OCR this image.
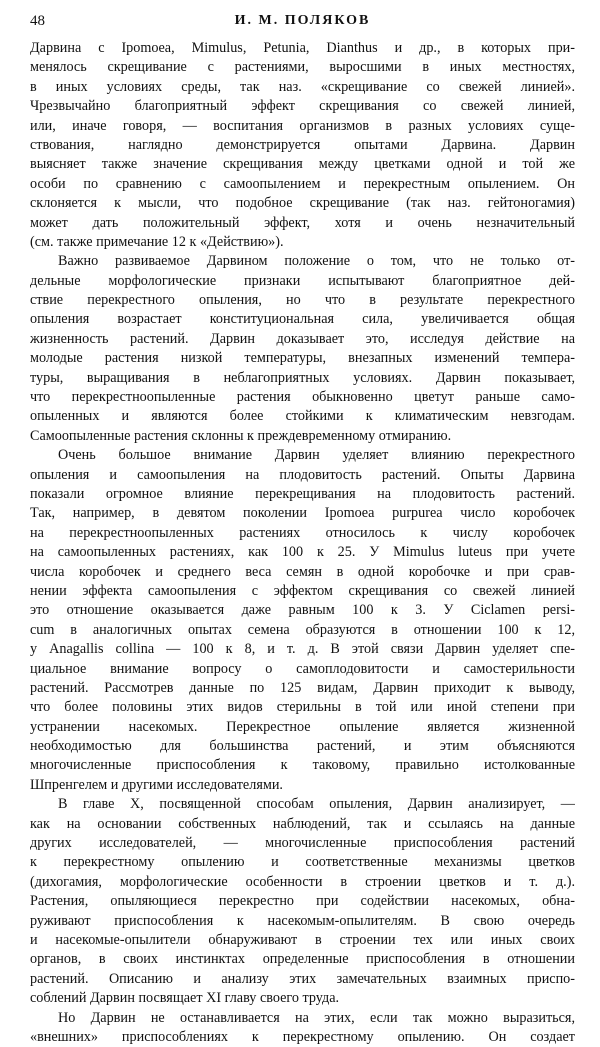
48	И. М. ПОЛЯКОВ
Дарвина с Ipomoea, Mimulus, Petunia, Dianthus и др., в которых при-
менялось скрещивание с растениями, выросшими в иных местностях,
в иных условиях среды, так наз. «скрещивание со свежей линией».
Чрезвычайно благоприятный эффект скрещивания со свежей линией,
или, иначе говоря, — воспитания организмов в разных условиях суще-
ствования, наглядно демонстрируется опытами Дарвина. Дарвин
выясняет также значение скрещивания между цветками одной и той же
особи по сравнению с самоопылением и перекрестным опылением. Он
склоняется к мысли, что подобное скрещивание (так наз. гейтоногамия)
может дать положительный эффект, хотя и очень незначительный
(см. также примечание 12 к «Действию»).
Важно развиваемое Дарвином положение о том, что не только от-
дельные морфологические признаки испытывают благоприятное дей-
ствие перекрестного опыления, но что в результате перекрестного
опыления возрастает конституциональная сила, увеличивается общая
жизненность растений. Дарвин доказывает это, исследуя действие на
молодые растения низкой температуры, внезапных изменений темпера-
туры, выращивания в неблагоприятных условиях. Дарвин показывает,
что перекрестноопыленные растения обыкновенно цветут раньше само-
опыленных и являются более стойкими к климатическим невзгодам.
Самоопыленные растения склонны к преждевременному отмиранию.
Очень большое внимание Дарвин уделяет влиянию перекрестного
опыления и самоопыления на плодовитость растений. Опыты Дарвина
показали огромное влияние перекрещивания на плодовитость растений.
Так, например, в девятом поколении Ipomoea purpurea число коробочек
на перекрестноопыленных растениях относилось к числу коробочек
на самоопыленных растениях, как 100 к 25. У Mimulus luteus при учете
числа коробочек и среднего веса семян в одной коробочке и при срав-
нении эффекта самоопыления с эффектом скрещивания со свежей линией
это отношение оказывается даже равным 100 к 3. У Ciclamen persi-
cum в аналогичных опытах семена образуются в отношении 100 к 12,
у Anagallis collina — 100 к 8, и т. д. В этой связи Дарвин уделяет спе-
циальное внимание вопросу о самоплодовитости и самостерильности
растений. Рассмотрев данные по 125 видам, Дарвин приходит к выводу,
что более половины этих видов стерильны в той или иной степени при
устранении насекомых. Перекрестное опыление является жизненной
необходимостью для большинства растений, и этим объясняются
многочисленные приспособления к таковому, правильно истолкованные
Шпренгелем и другими исследователями.
В главе X, посвященной способам опыления, Дарвин анализирует, —
как на основании собственных наблюдений, так и ссылаясь на данные
других исследователей, — многочисленные приспособления растений
к перекрестному опылению и соответственные механизмы цветков
(дихогамия, морфологические особенности в строении цветков и т. д.).
Растения, опыляющиеся перекрестно при содействии насекомых, обна-
руживают приспособления к насекомым-опылителям. В свою очередь
и насекомые-опылители обнаруживают в строении тех или иных своих
органов, в своих инстинктах определенные приспособления в отношении
растений. Описанию и анализу этих замечательных взаимных приспо-
соблений Дарвин посвящает XI главу своего труда.
Но Дарвин не останавливается на этих, если так можно выразиться,
«внешних» приспособлениях к перекрестному опылению. Он создает
